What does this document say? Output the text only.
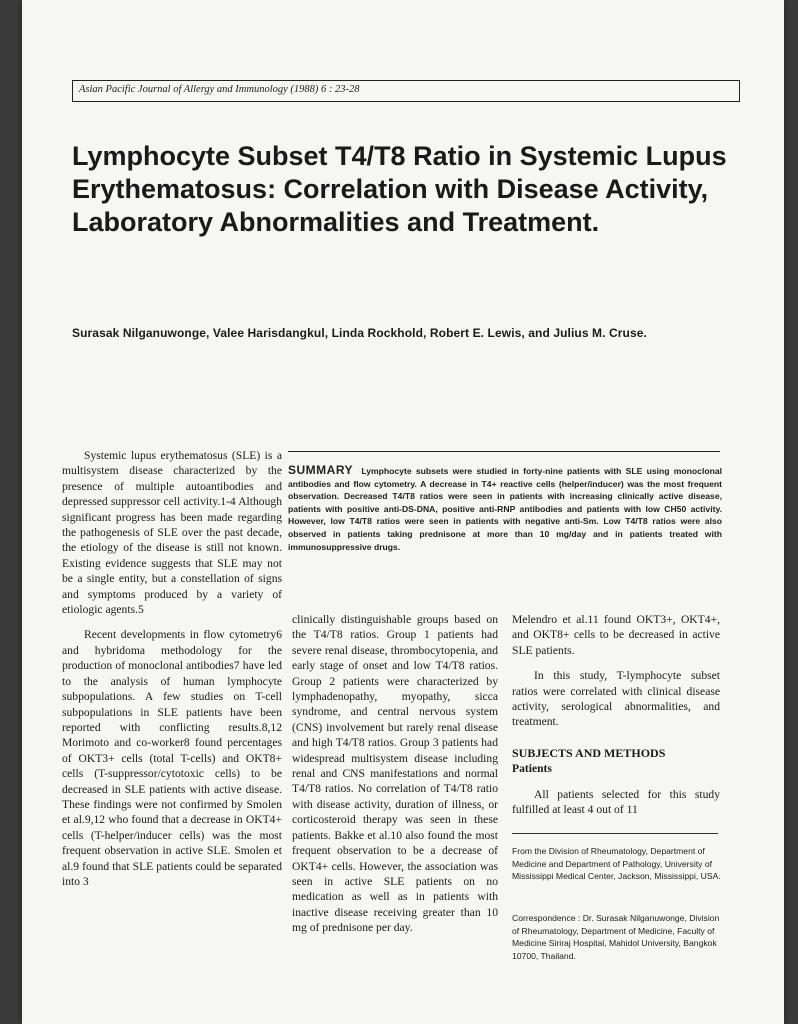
Asian Pacific Journal of Allergy and Immunology (1988) 6 : 23-28
Lymphocyte Subset T4/T8 Ratio in Systemic Lupus Erythematosus: Correlation with Disease Activity, Laboratory Abnormalities and Treatment.
Surasak Nilganuwonge, Valee Harisdangkul, Linda Rockhold, Robert E. Lewis, and Julius M. Cruse.
SUMMARY Lymphocyte subsets were studied in forty-nine patients with SLE using monoclonal antibodies and flow cytometry. A decrease in T4+ reactive cells (helper/inducer) was the most frequent observation. Decreased T4/T8 ratios were seen in patients with increasing clinically active disease, patients with positive anti-DS-DNA, positive anti-RNP antibodies and patients with low CH50 activity. However, low T4/T8 ratios were seen in patients with negative anti-Sm. Low T4/T8 ratios were also observed in patients taking prednisone at more than 10 mg/day and in patients treated with immunosuppressive drugs.

Systemic lupus erythematosus (SLE) is a multisystem disease characterized by the presence of multiple autoantibodies and depressed suppressor cell activity.1-4 Although significant progress has been made regarding the pathogenesis of SLE over the past decade, the etiology of the disease is still not known. Existing evidence suggests that SLE may not be a single entity, but a constellation of signs and symptoms produced by a variety of etiologic agents.5

Recent developments in flow cytometry6 and hybridoma methodology for the production of monoclonal antibodies7 have led to the analysis of human lymphocyte subpopulations. A few studies on T-cell subpopulations in SLE patients have been reported with conflicting results.8,12 Morimoto and co-worker8 found percentages of OKT3+ cells (total T-cells) and OKT8+ cells (T-suppressor/cytotoxic cells) to be decreased in SLE patients with active disease. These findings were not confirmed by Smolen et al.9,12 who found that a decrease in OKT4+ cells (T-helper/inducer cells) was the most frequent observation in active SLE. Smolen et al.9 found that SLE patients could be separated into 3

clinically distinguishable groups based on the T4/T8 ratios. Group 1 patients had severe renal disease, thrombocytopenia, and early stage of onset and low T4/T8 ratios. Group 2 patients were characterized by lymphadenopathy, myopathy, sicca syndrome, and central nervous system (CNS) involvement but rarely renal disease and high T4/T8 ratios. Group 3 patients had widespread multisystem disease including renal and CNS manifestations and normal T4/T8 ratios. No correlation of T4/T8 ratio with disease activity, duration of illness, or corticosteroid therapy was seen in these patients. Bakke et al.10 also found the most frequent observation to be a decrease of OKT4+ cells. However, the association was seen in active SLE patients on no medication as well as in patients with inactive disease receiving greater than 10 mg of prednisone per day.

Melendro et al.11 found OKT3+, OKT4+, and OKT8+ cells to be decreased in active SLE patients.

In this study, T-lymphocyte subset ratios were correlated with clinical disease activity, serological abnormalities, and treatment.

SUBJECTS AND METHODS

Patients

All patients selected for this study fulfilled at least 4 out of 11

From the Division of Rheumatology, Department of Medicine and Department of Pathology, University of Mississippi Medical Center, Jackson, Mississippi, USA.
Correspondence : Dr. Surasak Nilganuwonge, Division of Rheumatology, Department of Medicine, Faculty of Medicine Siriraj Hospital, Mahidol University, Bangkok 10700, Thailand.
